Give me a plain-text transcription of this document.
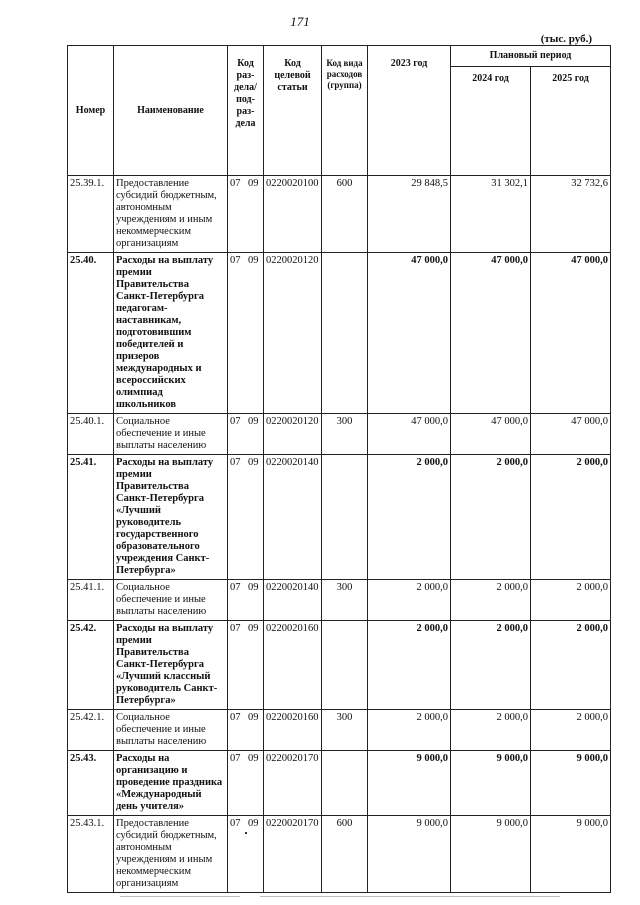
171
(тыс. руб.)
Номер	Наименование	Код раз-дела/ под-раз-дела	Код целевой статьи	Код вида расходов (группа)	2023 год	Плановый период	
						2024 год	2025 год
25.39.1.	Предоставление субсидий бюджетным, автономным учреждениям и иным некоммерческим организациям	07 09	0220020100	600	29 848,5	31 302,1	32 732,6
25.40.	Расходы на выплату премии Правительства Санкт-Петербурга педагогам-наставникам, подготовившим победителей и призеров международных и всероссийских олимпиад школьников	07 09	0220020120		47 000,0	47 000,0	47 000,0
25.40.1.	Социальное обеспечение и иные выплаты населению	07 09	0220020120	300	47 000,0	47 000,0	47 000,0
25.41.	Расходы на выплату премии Правительства Санкт-Петербурга «Лучший руководитель государственного образовательного учреждения Санкт-Петербурга»	07 09	0220020140		2 000,0	2 000,0	2 000,0
25.41.1.	Социальное обеспечение и иные выплаты населению	07 09	0220020140	300	2 000,0	2 000,0	2 000,0
25.42.	Расходы на выплату премии Правительства Санкт-Петербурга «Лучший классный руководитель Санкт-Петербурга»	07 09	0220020160		2 000,0	2 000,0	2 000,0
25.42.1.	Социальное обеспечение и иные выплаты населению	07 09	0220020160	300	2 000,0	2 000,0	2 000,0
25.43.	Расходы на организацию и проведение праздника «Международный день учителя»	07 09	0220020170		9 000,0	9 000,0	9 000,0
25.43.1.	Предоставление субсидий бюджетным, автономным учреждениям и иным некоммерческим организациям	07 09	0220020170	600	9 000,0	9 000,0	9 000,0
